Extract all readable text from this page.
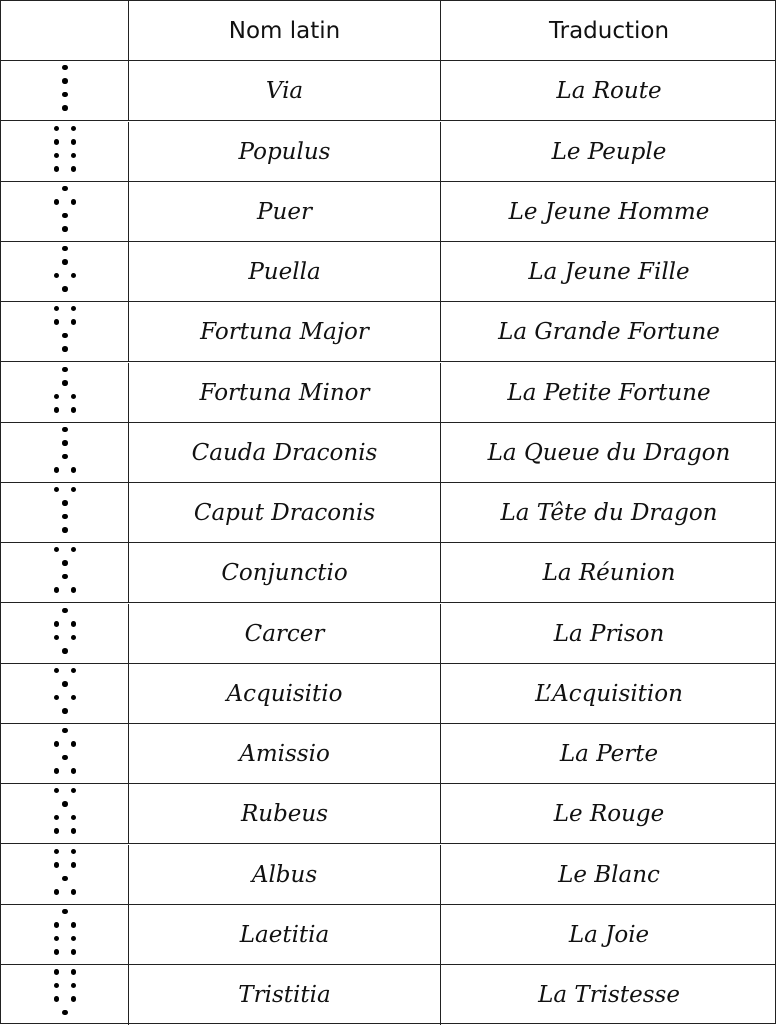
Nom latin	Traduction
Via	La Route
Populus	Le Peuple
Puer	Le Jeune Homme
Puella	La Jeune Fille
Fortuna Major	La Grande Fortune
Fortuna Minor	La Petite Fortune
Cauda Draconis	La Queue du Dragon
Caput Draconis	La Tête du Dragon
Conjunctio	La Réunion
Carcer	La Prison
Acquisitio	L’Acquisition
Amissio	La Perte
Rubeus	Le Rouge
Albus	Le Blanc
Laetitia	La Joie
Tristitia	La Tristesse
